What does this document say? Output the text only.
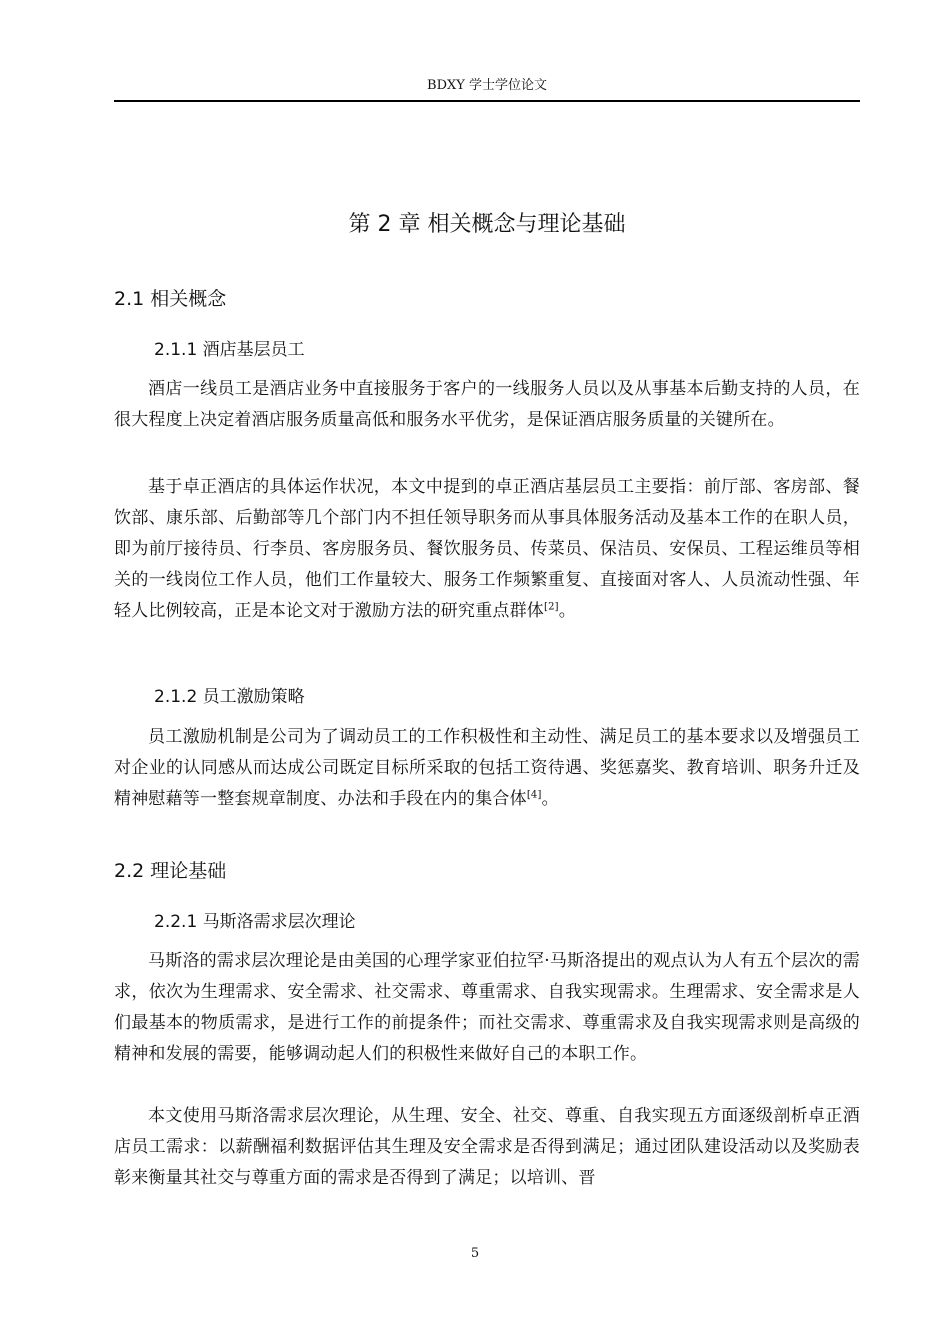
BDXY 学士学位论文
第 2 章 相关概念与理论基础
2.1 相关概念
2.1.1 酒店基层员工

酒店一线员工是酒店业务中直接服务于客户的一线服务人员以及从事基本后勤支持的人员，在很大程度上决定着酒店服务质量高低和服务水平优劣，是保证酒店服务质量的关键所在。

基于卓正酒店的具体运作状况，本文中提到的卓正酒店基层员工主要指：前厅部、客房部、餐饮部、康乐部、后勤部等几个部门内不担任领导职务而从事具体服务活动及基本工作的在职人员，即为前厅接待员、行李员、客房服务员、餐饮服务员、传菜员、保洁员、安保员、工程运维员等相关的一线岗位工作人员，他们工作量较大、服务工作频繁重复、直接面对客人、人员流动性强、年轻人比例较高，正是本论文对于激励方法的研究重点群体[2]。

2.1.2 员工激励策略

员工激励机制是公司为了调动员工的工作积极性和主动性、满足员工的基本要求以及增强员工对企业的认同感从而达成公司既定目标所采取的包括工资待遇、奖惩嘉奖、教育培训、职务升迁及精神慰藉等一整套规章制度、办法和手段在内的集合体[4]。

2.2 理论基础
2.2.1 马斯洛需求层次理论

马斯洛的需求层次理论是由美国的心理学家亚伯拉罕·马斯洛提出的观点认为人有五个层次的需求，依次为生理需求、安全需求、社交需求、尊重需求、自我实现需求。生理需求、安全需求是人们最基本的物质需求，是进行工作的前提条件；而社交需求、尊重需求及自我实现需求则是高级的精神和发展的需要，能够调动起人们的积极性来做好自己的本职工作。

本文使用马斯洛需求层次理论，从生理、安全、社交、尊重、自我实现五方面逐级剖析卓正酒店员工需求：以薪酬福利数据评估其生理及安全需求是否得到满足；通过团队建设活动以及奖励表彰来衡量其社交与尊重方面的需求是否得到了满足；以培训、晋

5
